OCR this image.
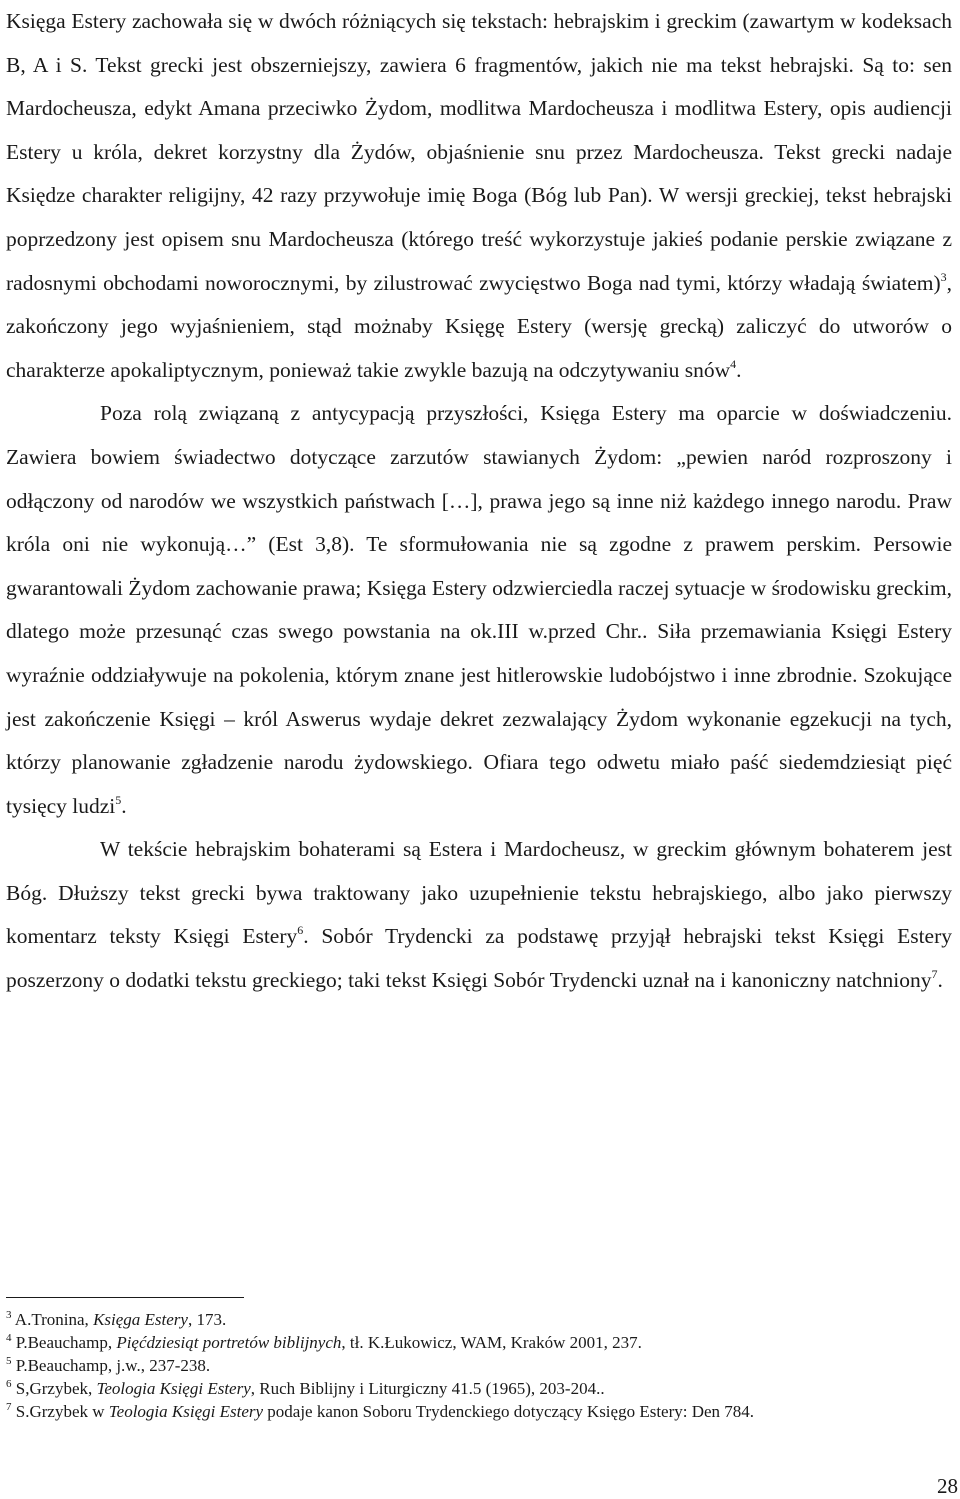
Księga Estery zachowała się w dwóch różniących się tekstach: hebrajskim i greckim (zawartym w kodeksach B, A i S. Tekst grecki jest obszerniejszy, zawiera 6 fragmentów, jakich nie ma tekst hebrajski. Są to: sen Mardocheusza, edykt Amana przeciwko Żydom, modlitwa Mardocheusza i modlitwa Estery, opis audiencji Estery u króla, dekret korzystny dla Żydów, objaśnienie snu przez Mardocheusza. Tekst grecki nadaje Księdze charakter religijny, 42 razy przywołuje imię Boga (Bóg lub Pan). W wersji greckiej, tekst hebrajski poprzedzony jest opisem snu Mardocheusza (którego treść wykorzystuje jakieś podanie perskie związane z radosnymi obchodami noworocznymi, by zilustrować zwycięstwo Boga nad tymi, którzy władają światem)$^3$, zakończony jego wyjaśnieniem, stąd możnaby Księgę Estery (wersję grecką) zaliczyć do utworów o charakterze apokaliptycznym, ponieważ takie zwykle bazują na odczytywaniu snów$^4$.

Poza rolą związaną z antycypacją przyszłości, Księga Estery ma oparcie w doświadczeniu. Zawiera bowiem świadectwo dotyczące zarzutów stawianych Żydom: „pewien naród rozproszony i odłączony od narodów we wszystkich państwach […], prawa jego są inne niż każdego innego narodu. Praw króla oni nie wykonują…” (Est 3,8). Te sformułowania nie są zgodne z prawem perskim. Persowie gwarantowali Żydom zachowanie prawa; Księga Estery odzwierciedla raczej sytuacje w środowisku greckim, dlatego może przesunąć czas swego powstania na ok.III w.przed Chr.. Siła przemawiania Księgi Estery wyraźnie oddziaływuje na pokolenia, którym znane jest hitlerowskie ludobójstwo i inne zbrodnie. Szokujące jest zakończenie Księgi – król Aswerus wydaje dekret zezwalający Żydom wykonanie egzekucji na tych, którzy planowanie zgładzenie narodu żydowskiego. Ofiara tego odwetu miało paść siedemdziesiąt pięć tysięcy ludzi$^5$.

W tekście hebrajskim bohaterami są Estera i Mardocheusz, w greckim głównym bohaterem jest Bóg. Dłuższy tekst grecki bywa traktowany jako uzupełnienie tekstu hebrajskiego, albo jako pierwszy komentarz teksty Księgi Estery$^6$. Sobór Trydencki za podstawę przyjął hebrajski tekst Księgi Estery poszerzony o dodatki tekstu greckiego; taki tekst Księgi Sobór Trydencki uznał na i kanoniczny natchniony$^7$.

$^3$ A.Tronina, Księga Estery, 173.
$^4$ P.Beauchamp, Pięćdziesiąt portretów biblijnych, tł. K.Łukowicz, WAM, Kraków 2001, 237.
$^5$ P.Beauchamp, j.w., 237-238.
$^6$ S,Grzybek, Teologia Księgi Estery, Ruch Biblijny i Liturgiczny 41.5 (1965), 203-204..
$^7$ S.Grzybek w Teologia Księgi Estery podaje kanon Soboru Trydenckiego dotyczący Księgo Estery: Den 784.
28
